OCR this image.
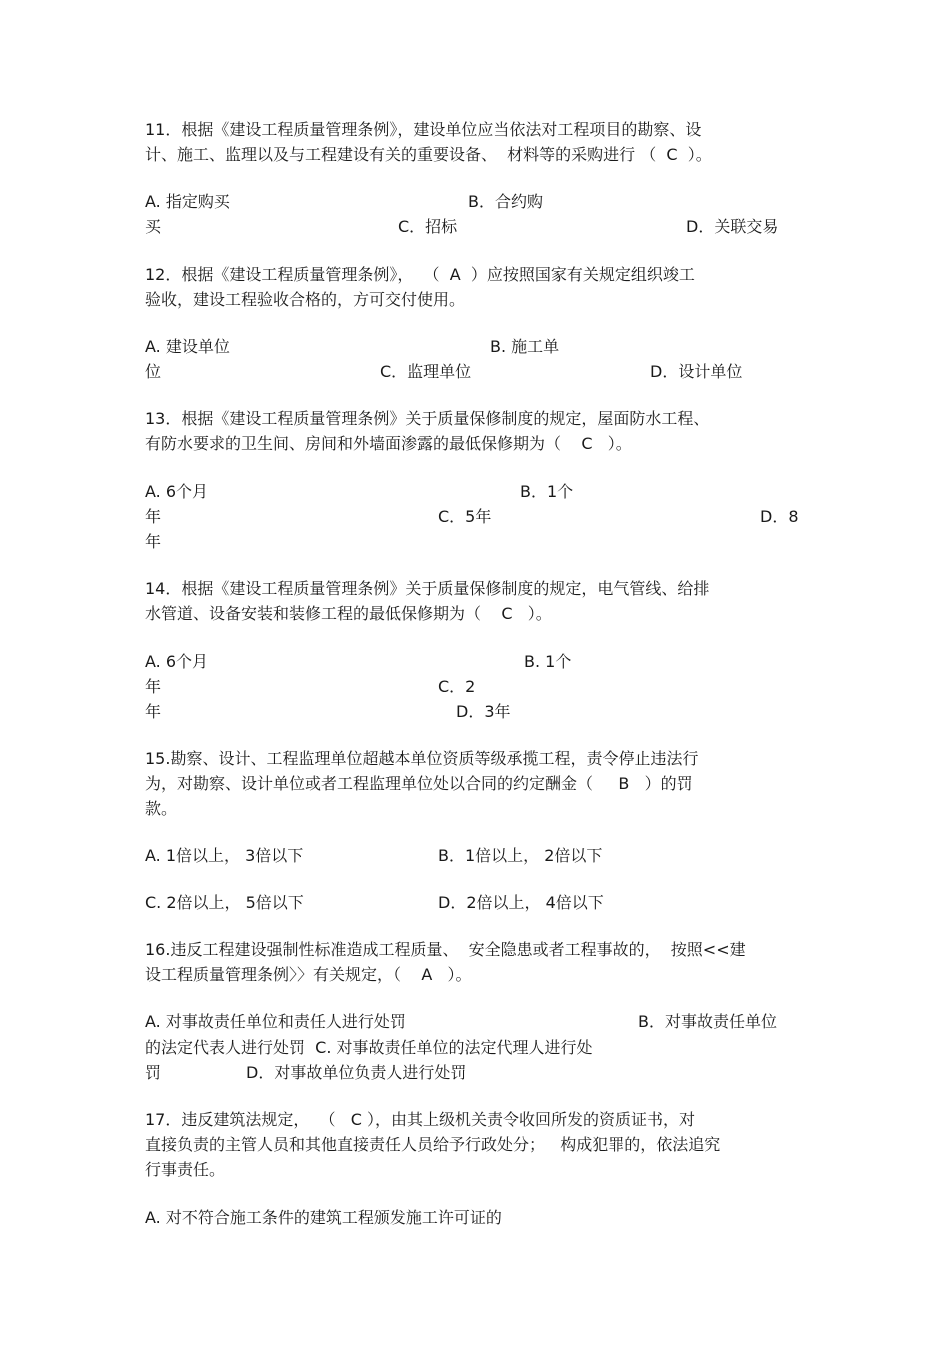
11．根据《建设工程质量管理条例》，建设单位应当依法对工程项目的勘察、设
计、施工、监理以及与工程建设有关的重要设备、  材料等的采购进行 （  C  ）。
A. 指定购买	B．合约购
买	C．招标	D．关联交易
12．根据《建设工程质量管理条例》，  （  A  ）应按照国家有关规定组织竣工
验收，建设工程验收合格的，方可交付使用。
A. 建设单位	B. 施工单
位	C．监理单位	D．设计单位
13．根据《建设工程质量管理条例》关于质量保修制度的规定，屋面防水工程、
有防水要求的卫生间、房间和外墙面渗露的最低保修期为（    C   ）。
A. 6个月	B．1个
年	C．5年	D．8
年
14．根据《建设工程质量管理条例》关于质量保修制度的规定，电气管线、给排
水管道、设备安装和装修工程的最低保修期为（    C   ）。
A. 6个月	B. 1个
年	C．2
年	D．3年
15.勘察、设计、工程监理单位超越本单位资质等级承揽工程，责令停止违法行
为，对勘察、设计单位或者工程监理单位处以合同的约定酬金（     B   ）的罚
款。
A. 1倍以上， 3倍以下	B．1倍以上， 2倍以下
C. 2倍以上， 5倍以下	D．2倍以上， 4倍以下
16.违反工程建设强制性标准造成工程质量、  安全隐患或者工程事故的，  按照<<建
设工程质量管理条例〉〉有关规定，（    A   ）。
A. 对事故责任单位和责任人进行处罚	B．对事故责任单位
的法定代表人进行处罚  C. 对事故责任单位的法定代理人进行处
罚	D．对事故单位负责人进行处罚
17．违反建筑法规定，  （   C ），由其上级机关责令收回所发的资质证书，对
直接负责的主管人员和其他直接责任人员给予行政处分；   构成犯罪的，依法追究
行事责任。
A. 对不符合施工条件的建筑工程颁发施工许可证的
